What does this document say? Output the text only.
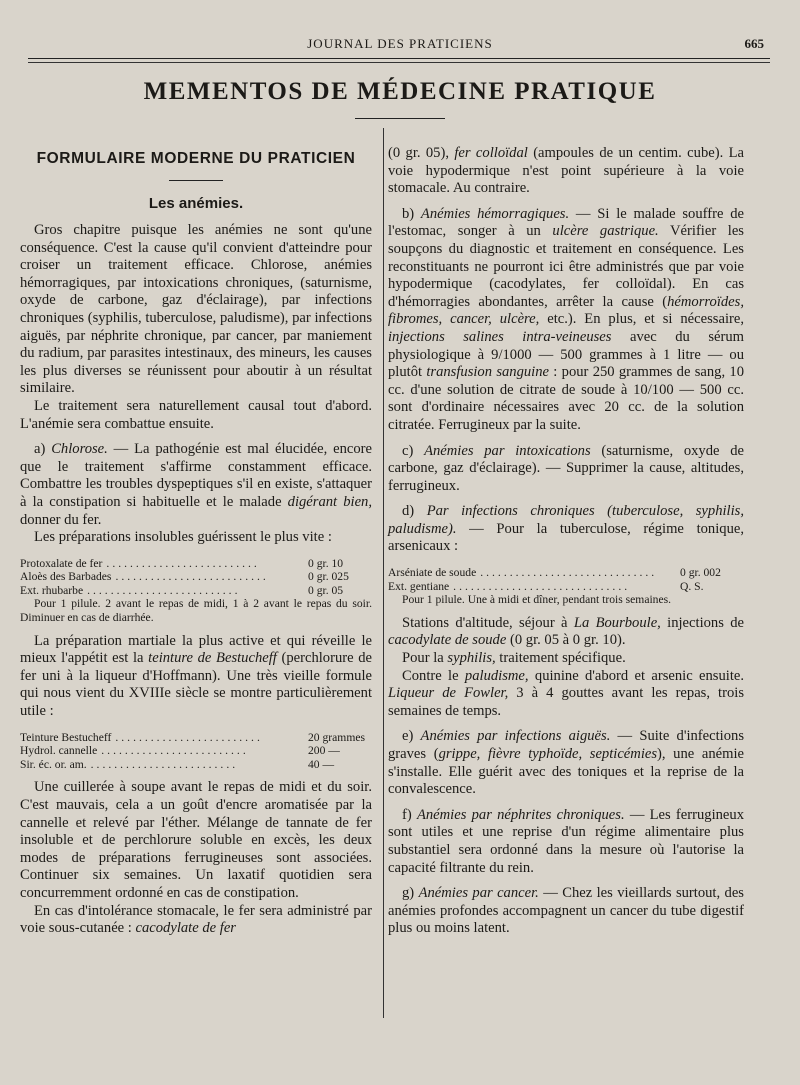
JOURNAL DES PRATICIENS	665
MEMENTOS DE MÉDECINE PRATIQUE
FORMULAIRE MODERNE DU PRATICIEN
Les anémies.

Gros chapitre puisque les anémies ne sont qu'une conséquence. C'est la cause qu'il convient d'atteindre pour croiser un traitement efficace. Chlorose, anémies hémorragiques, par intoxications chroniques, (saturnisme, oxyde de carbone, gaz d'éclairage), par infections chroniques (syphilis, tuberculose, paludisme), par infections aiguës, par néphrite chronique, par cancer, par maniement du radium, par parasites intestinaux, des mineurs, les causes les plus diverses se réunissent pour aboutir à un résultat similaire.

Le traitement sera naturellement causal tout d'abord. L'anémie sera combattue ensuite.

a) Chlorose. — La pathogénie est mal élucidée, encore que le traitement s'affirme constamment efficace. Combattre les troubles dyspeptiques s'il en existe, s'attaquer à la constipation si habituelle et le malade digérant bien, donner du fer.

Les préparations insolubles guérissent le plus vite :

Protoxalate de fer ..........................	0 gr. 10
Aloès des Barbades ..........................	0 gr. 025
Ext. rhubarbe ..........................	0 gr. 05
Pour 1 pilule. 2 avant le repas de midi, 1 à 2 avant le repas du soir. Diminuer en cas de diarrhée.

La préparation martiale la plus active et qui réveille le mieux l'appétit est la teinture de Bestucheff (perchlorure de fer uni à la liqueur d'Hoffmann). Une très vieille formule qui nous vient du XVIIIe siècle se montre particulièrement utile :

Teinture Bestucheff .........................	20 grammes
Hydrol. cannelle .........................	200 —
Sir. éc. or. am. .........................	40 —

Une cuillerée à soupe avant le repas de midi et du soir. C'est mauvais, cela a un goût d'encre aromatisée par la cannelle et relevé par l'éther. Mélange de tannate de fer insoluble et de perchlorure soluble en excès, les deux modes de préparations ferrugineuses sont associées. Continuer six semaines. Un laxatif quotidien sera concurremment ordonné en cas de constipation.

En cas d'intolérance stomacale, le fer sera administré par voie sous-cutanée : cacodylate de fer

(0 gr. 05), fer colloïdal (ampoules de un centim. cube). La voie hypodermique n'est point supérieure à la voie stomacale. Au contraire.

b) Anémies hémorragiques. — Si le malade souffre de l'estomac, songer à un ulcère gastrique. Vérifier les soupçons du diagnostic et traitement en conséquence. Les reconstituants ne pourront ici être administrés que par voie hypodermique (cacodylates, fer colloïdal). En cas d'hémorragies abondantes, arrêter la cause (hémorroïdes, fibromes, cancer, ulcère, etc.). En plus, et si nécessaire, injections salines intra-veineuses avec du sérum physiologique à 9/1000 — 500 grammes à 1 litre — ou plutôt transfusion sanguine : pour 250 grammes de sang, 10 cc. d'une solution de citrate de soude à 10/100 — 500 cc. sont d'ordinaire nécessaires avec 20 cc. de la solution citratée. Ferrugineux par la suite.

c) Anémies par intoxications (saturnisme, oxyde de carbone, gaz d'éclairage). — Supprimer la cause, altitudes, ferrugineux.

d) Par infections chroniques (tuberculose, syphilis, paludisme). — Pour la tuberculose, régime tonique, arsenicaux :

Arséniate de soude ..............................	0 gr. 002
Ext. gentiane ..............................	Q. S.
Pour 1 pilule. Une à midi et dîner, pendant trois semaines.

Stations d'altitude, séjour à La Bourboule, injections de cacodylate de soude (0 gr. 05 à 0 gr. 10).

Pour la syphilis, traitement spécifique.

Contre le paludisme, quinine d'abord et arsenic ensuite. Liqueur de Fowler, 3 à 4 gouttes avant les repas, trois semaines de temps.

e) Anémies par infections aiguës. — Suite d'infections graves (grippe, fièvre typhoïde, septicémies), une anémie s'installe. Elle guérit avec des toniques et la reprise de la convalescence.

f) Anémies par néphrites chroniques. — Les ferrugineux sont utiles et une reprise d'un régime alimentaire plus substantiel sera ordonné dans la mesure où l'autorise la capacité filtrante du rein.

g) Anémies par cancer. — Chez les vieillards surtout, des anémies profondes accompagnent un cancer du tube digestif plus ou moins latent.
